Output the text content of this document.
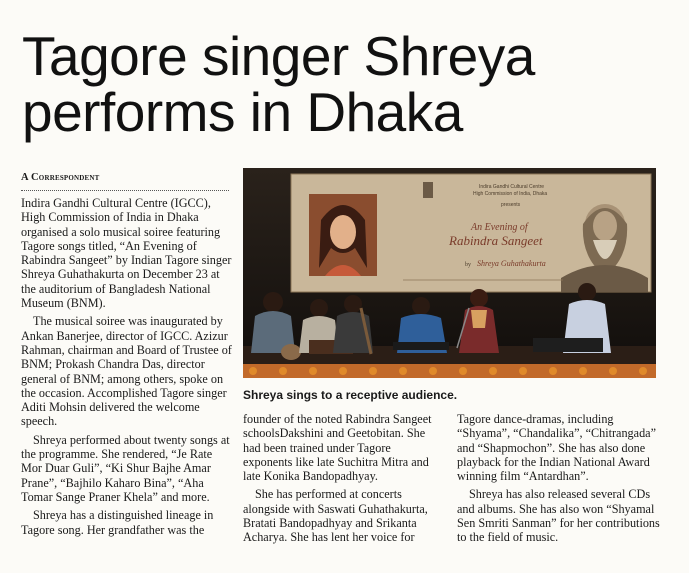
Tagore singer Shreya performs in Dhaka
A Correspondent

Indira Gandhi Cultural Centre (IGCC), High Commission of India in Dhaka organised a solo musical soiree featuring Tagore songs titled, “An Evening of Rabindra Sangeet” by Indian Tagore singer Shreya Guhathakurta on December 23 at the auditorium of Bangladesh National Museum (BNM).

The musical soiree was inaugurated by Ankan Banerjee, director of IGCC. Azizur Rahman, chairman and Board of Trustee of BNM; Prokash Chandra Das, director general of BNM; among others, spoke on the occasion. Accomplished Tagore singer Aditi Mohsin delivered the welcome speech.

Shreya performed about twenty songs at the programme. She rendered, “Je Rate Mor Duar Guli”, “Ki Shur Bajhe Amar Prane”, “Bajhilo Kaharo Bina”, “Aha Tomar Sange Praner Khela” and more.

Shreya has a distinguished lineage in Tagore song. Her grandfather was the

Indira Gandhi Cultural Centre
High Commission of India, Dhaka
presents
An Evening of
Rabindra Sangeet
by Shreya Guhathakurta
Shreya sings to a receptive audience.

founder of the noted Rabindra Sangeet schoolsDakshini and Geetobitan. She had been trained under Tagore exponents like late Suchitra Mitra and late Konika Bandopadhyay.

She has performed at concerts alongside with Saswati Guhathakurta, Bratati Bandopadhyay and Srikanta Acharya. She has lent her voice for

Tagore dance-dramas, including “Shyama”, “Chandalika”, “Chitrangada” and “Shapmochon”. She has also done playback for the Indian National Award winning film “Antardhan”.

Shreya has also released several CDs and albums. She has also won “Shyamal Sen Smriti Sanman” for her contributions to the field of music.
